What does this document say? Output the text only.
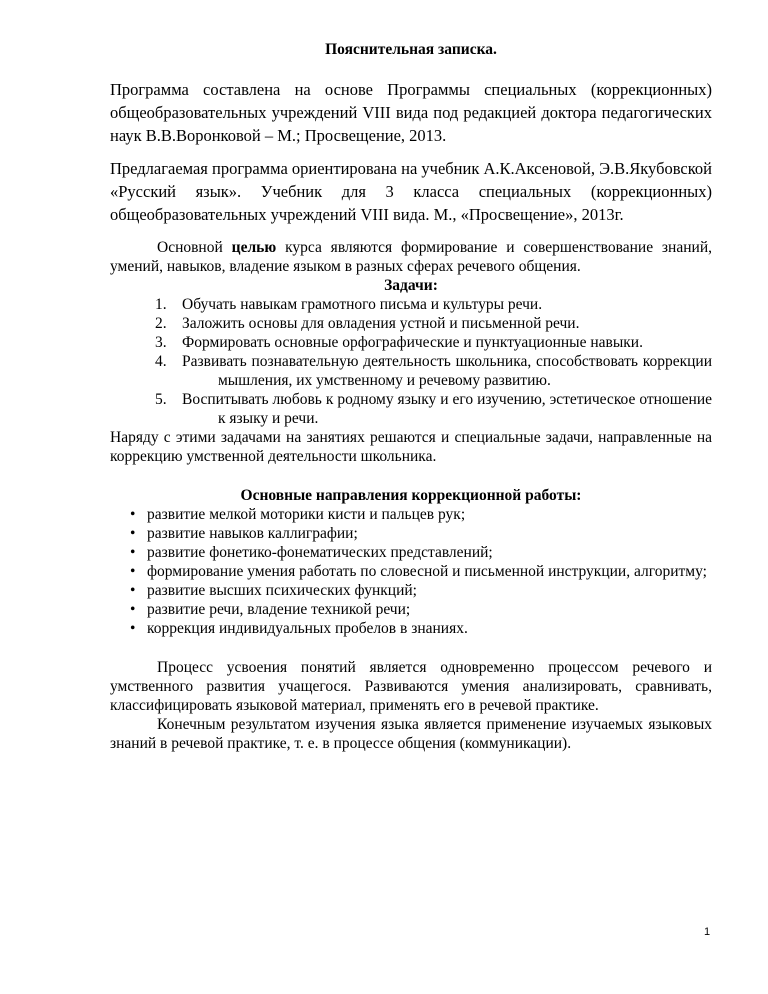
Пояснительная записка.

Программа составлена на основе Программы специальных (коррекционных) общеобразовательных учреждений VIII вида под редакцией доктора педагогических наук В.В.Воронковой – М.; Просвещение, 2013.

Предлагаемая программа ориентирована на учебник А.К.Аксеновой, Э.В.Якубовской «Русский язык». Учебник для 3 класса специальных (коррекционных) общеобразовательных учреждений VIII вида. М., «Просвещение», 2013г.

Основной целью курса являются формирование и совершенствование знаний, умений, навыков, владение языком в разных сферах речевого общения.

Задачи:

1. Обучать навыкам грамотного письма и культуры речи.
2. Заложить основы для овладения устной и письменной речи.
3. Формировать основные орфографические и пунктуационные навыки.
4. Развивать познавательную деятельность школьника, способствовать коррекции мышления, их умственному и речевому развитию.
5. Воспитывать любовь к родному языку и его изучению, эстетическое отношение к языку и речи.

Наряду с этими задачами на занятиях решаются и специальные задачи, направленные на коррекцию умственной деятельности школьника.

Основные направления коррекционной работы:

• развитие мелкой моторики кисти и пальцев рук;
• развитие навыков каллиграфии;
• развитие фонетико-фонематических представлений;
• формирование умения работать по словесной и письменной инструкции, алгоритму;
• развитие высших психических функций;
• развитие речи, владение техникой речи;
• коррекция индивидуальных пробелов в знаниях.

Процесс усвоения понятий является одновременно процессом речевого и умственного развития учащегося. Развиваются умения анализировать, сравнивать, классифицировать языковой материал, применять его в речевой практике.

Конечным результатом изучения языка является применение изучаемых языковых знаний в речевой практике, т. е. в процессе общения (коммуникации).

1
